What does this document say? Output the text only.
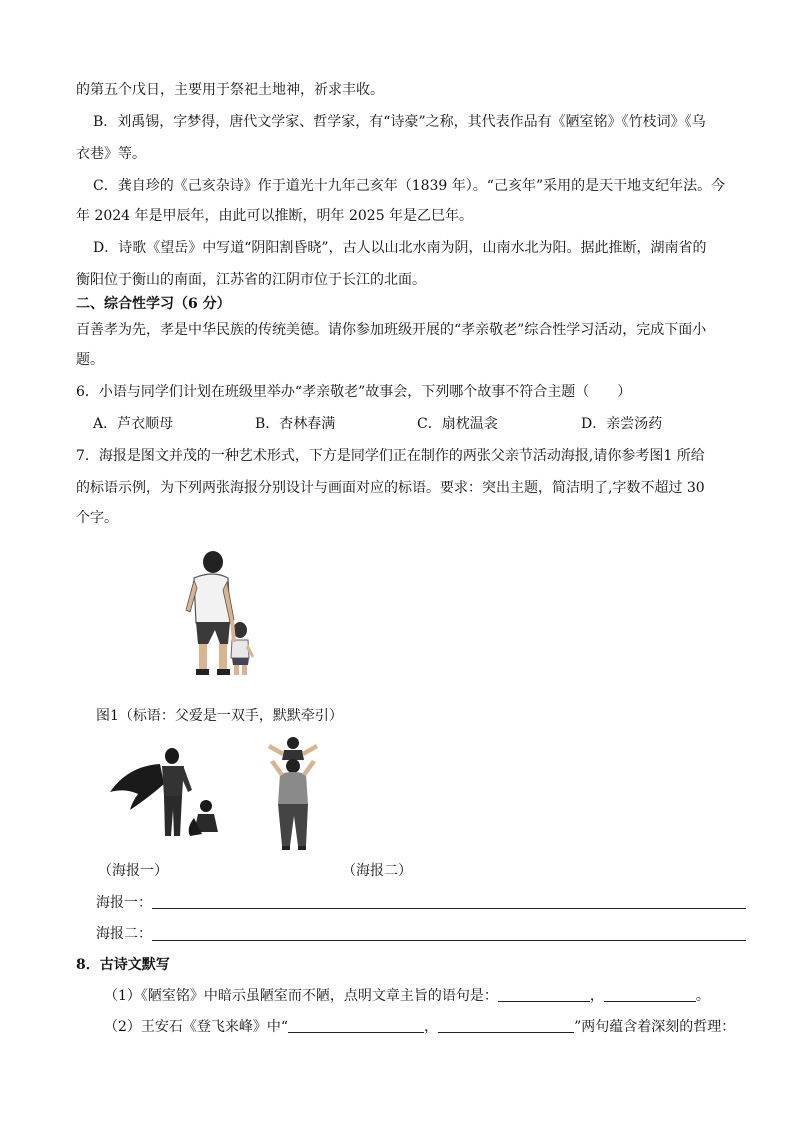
的第五个戊日，主要用于祭祀土地神，祈求丰收。
B．刘禹锡，字梦得，唐代文学家、哲学家，有“诗豪”之称，其代表作品有《陋室铭》《竹枝词》《乌
衣巷》等。
C．龚自珍的《己亥杂诗》作于道光十九年己亥年（1839 年）。“己亥年”采用的是天干地支纪年法。今
年 2024 年是甲辰年，由此可以推断，明年 2025 年是乙巳年。
D．诗歌《望岳》中写道“阴阳割昏晓”，古人以山北水南为阴，山南水北为阳。据此推断，湖南省的
衡阳位于衡山的南面，江苏省的江阴市位于长江的北面。
二、综合性学习（6 分）
百善孝为先，孝是中华民族的传统美德。请你参加班级开展的“孝亲敬老”综合性学习活动，完成下面小
题。
6．小语与同学们计划在班级里举办“孝亲敬老”故事会，下列哪个故事不符合主题（　　）
A．芦衣顺母	B．杏林春满	C．扇枕温衾	D．亲尝汤药
7．海报是图文并茂的一种艺术形式，下方是同学们正在制作的两张父亲节活动海报,请你参考图1 所给
的标语示例，为下列两张海报分别设计与画面对应的标语。要求：突出主题，简洁明了,字数不超过 30
个字。
图1（标语：父爱是一双手，默默牵引）
（海报一）	（海报二）
海报一：
海报二：
8．古诗文默写
（1）《陋室铭》中暗示虽陋室而不陋，点明文章主旨的语句是：	，	。
（2）王安石《登飞来峰》中“	，	”两句蕴含着深刻的哲理：
